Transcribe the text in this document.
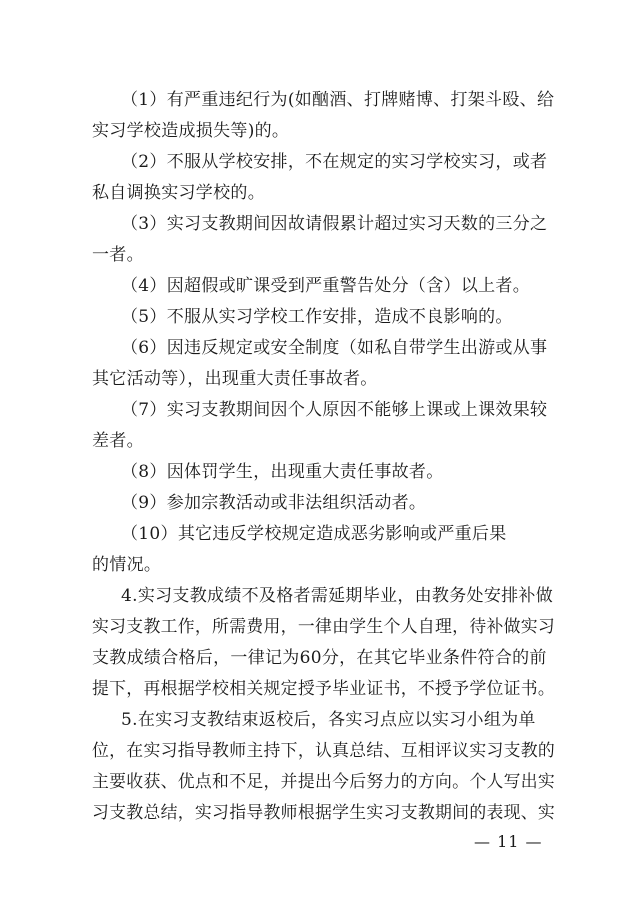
（1）有严重违纪行为(如酗酒、打牌赌博、打架斗殴、给
实习学校造成损失等)的。
（2）不服从学校安排，不在规定的实习学校实习，或者
私自调换实习学校的。
（3）实习支教期间因故请假累计超过实习天数的三分之
一者。
（4）因超假或旷课受到严重警告处分（含）以上者。
（5）不服从实习学校工作安排，造成不良影响的。
（6）因违反规定或安全制度（如私自带学生出游或从事
其它活动等），出现重大责任事故者。
（7）实习支教期间因个人原因不能够上课或上课效果较
差者。
（8）因体罚学生，出现重大责任事故者。
（9）参加宗教活动或非法组织活动者。
（10）其它违反学校规定造成恶劣影响或严重后果
的情况。
4.实习支教成绩不及格者需延期毕业，由教务处安排补做
实习支教工作，所需费用，一律由学生个人自理，待补做实习
支教成绩合格后，一律记为60分，在其它毕业条件符合的前
提下，再根据学校相关规定授予毕业证书，不授予学位证书。
5.在实习支教结束返校后，各实习点应以实习小组为单
位，在实习指导教师主持下，认真总结、互相评议实习支教的
主要收获、优点和不足，并提出今后努力的方向。个人写出实
习支教总结，实习指导教师根据学生实习支教期间的表现、实
— 11 —
